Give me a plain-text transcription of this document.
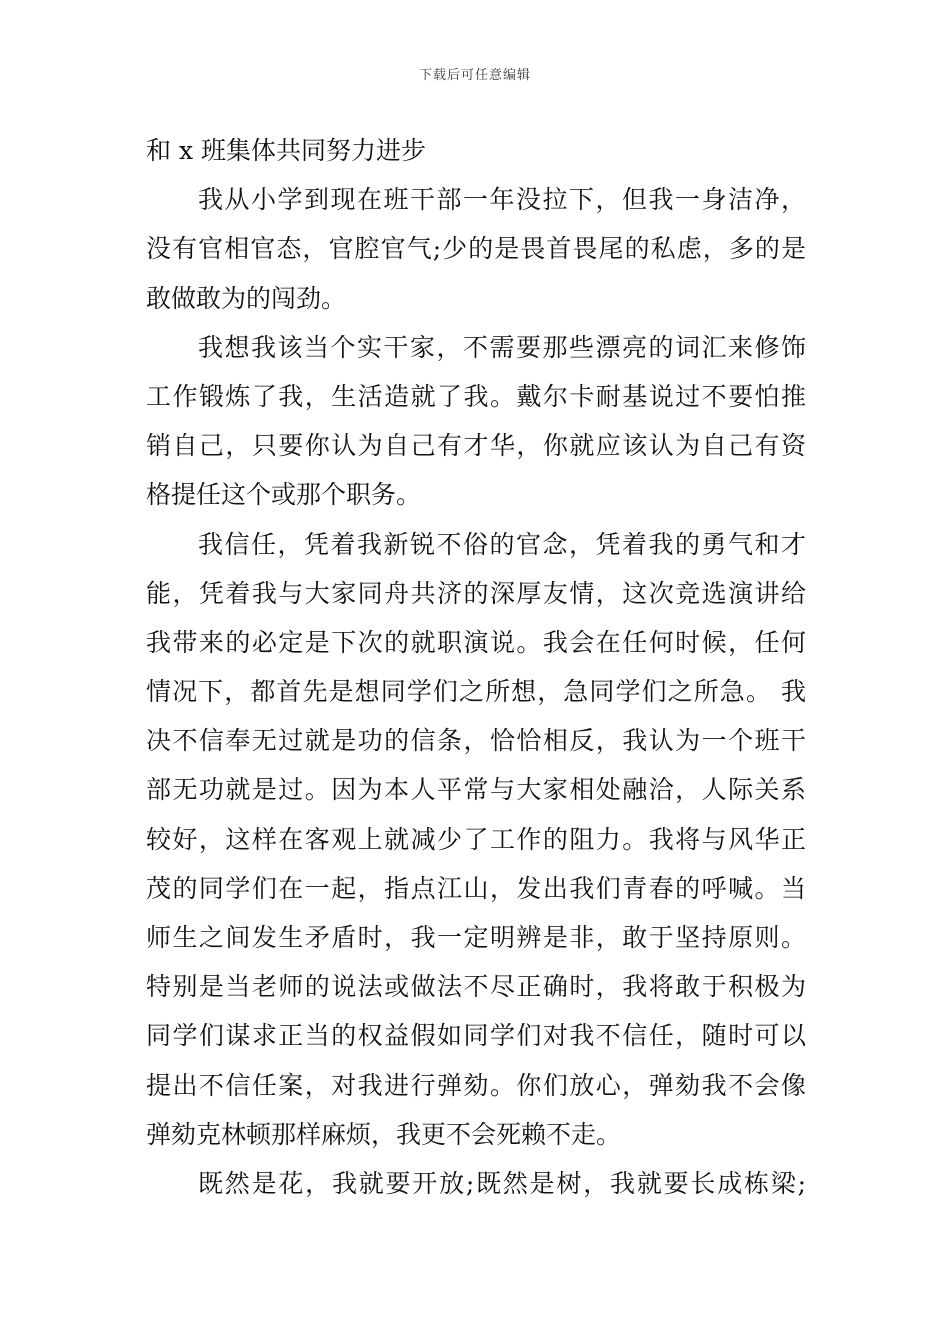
下载后可任意编辑
和 x 班集体共同努力进步
我从小学到现在班干部一年没拉下，但我一身洁净，
没有官相官态，官腔官气;少的是畏首畏尾的私虑，多的是
敢做敢为的闯劲。
我想我该当个实干家，不需要那些漂亮的词汇来修饰
工作锻炼了我，生活造就了我。戴尔卡耐基说过不要怕推
销自己，只要你认为自己有才华，你就应该认为自己有资
格提任这个或那个职务。
我信任，凭着我新锐不俗的官念，凭着我的勇气和才
能，凭着我与大家同舟共济的深厚友情，这次竞选演讲给
我带来的必定是下次的就职演说。我会在任何时候，任何
情况下，都首先是想同学们之所想，急同学们之所急。 我
决不信奉无过就是功的信条，恰恰相反，我认为一个班干
部无功就是过。因为本人平常与大家相处融洽，人际关系
较好，这样在客观上就减少了工作的阻力。我将与风华正
茂的同学们在一起，指点江山，发出我们青春的呼喊。当
师生之间发生矛盾时，我一定明辨是非，敢于坚持原则。
特别是当老师的说法或做法不尽正确时，我将敢于积极为
同学们谋求正当的权益假如同学们对我不信任，随时可以
提出不信任案，对我进行弹劾。你们放心，弹劾我不会像
弹劾克林顿那样麻烦，我更不会死赖不走。
既然是花，我就要开放;既然是树，我就要长成栋梁;
